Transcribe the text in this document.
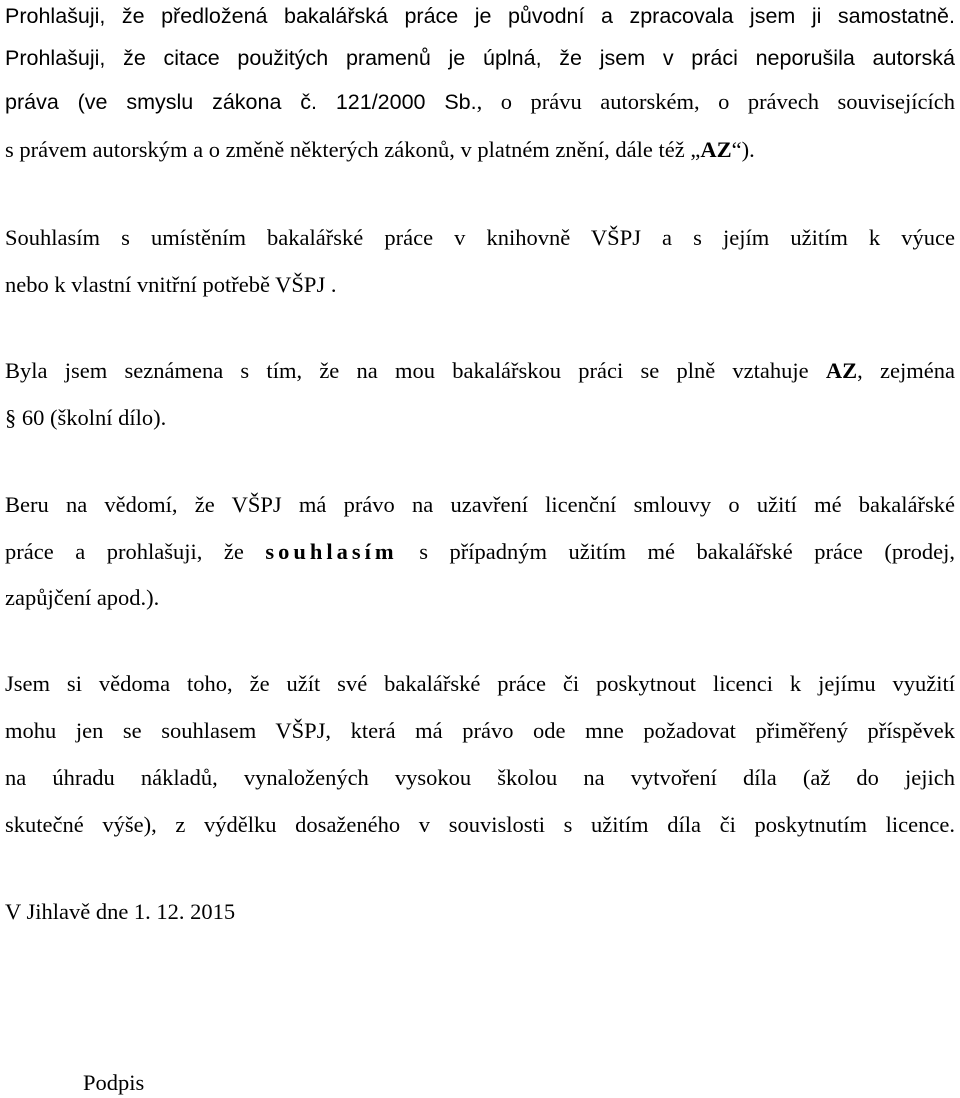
Prohlašuji, že předložená bakalářská práce je původní a zpracovala jsem ji samostatně.
Prohlašuji, že citace použitých pramenů je úplná, že jsem v práci neporušila autorská
práva (ve smyslu zákona č. 121/2000 Sb., o právu autorském, o právech souvisejících
s právem autorským a o změně některých zákonů, v platném znění, dále též „AZ“).
Souhlasím s umístěním bakalářské práce v knihovně VŠPJ a s jejím užitím k výuce
nebo k vlastní vnitřní potřebě VŠPJ .
Byla jsem seznámena s tím, že na mou bakalářskou práci se plně vztahuje AZ, zejména
§ 60 (školní dílo).
Beru na vědomí, že VŠPJ má právo na uzavření licenční smlouvy o užití mé bakalářské
práce a prohlašuji, že souhlasím s případným užitím mé bakalářské práce (prodej,
zapůjčení apod.).
Jsem si vědoma toho, že užít své bakalářské práce či poskytnout licenci k jejímu využití
mohu jen se souhlasem VŠPJ, která má právo ode mne požadovat přiměřený příspěvek
na úhradu nákladů, vynaložených vysokou školou na vytvoření díla (až do jejich
skutečné výše), z výdělku dosaženého v souvislosti s užitím díla či poskytnutím licence.
V Jihlavě dne 1. 12. 2015
Podpis
